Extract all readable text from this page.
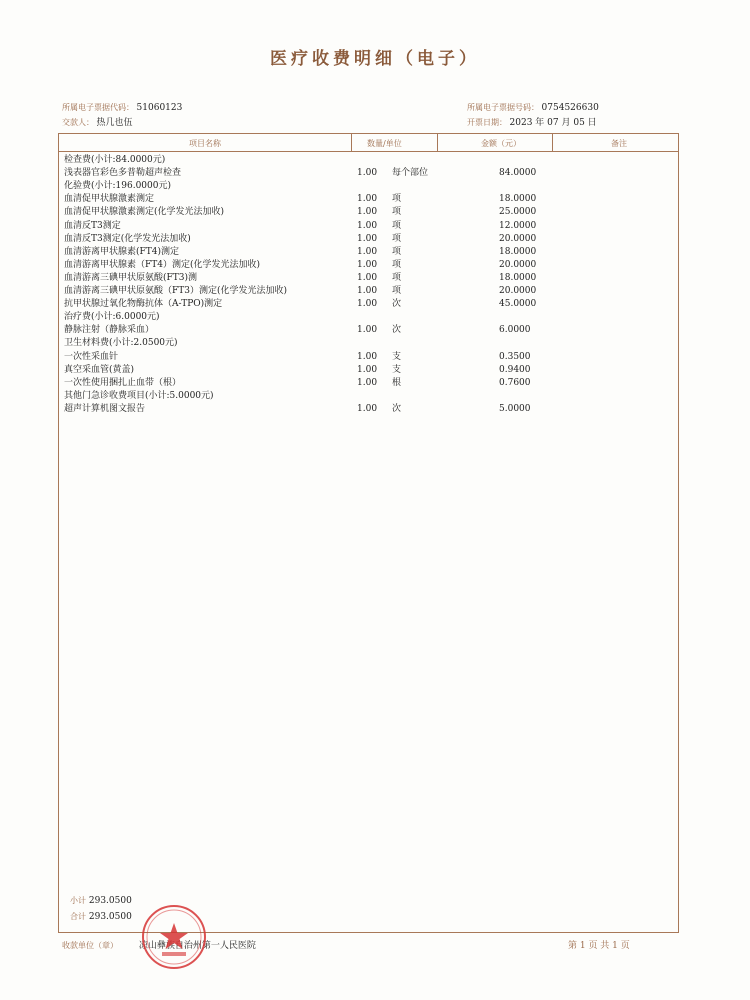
医疗收费明细（电子）
所属电子票据代码： 51060123
交款人： 热几也伍
所属电子票据号码： 0754526630
开票日期： 2023 年 07 月 05 日
项目名称	数量/单位	金额（元）	备注
检查费(小计:84.0000元)
浅表器官彩色多普勒超声检查	1.00 每个部位	84.0000
化验费(小计:196.0000元)
血清促甲状腺激素测定	1.00 项	18.0000
血清促甲状腺激素测定(化学发光法加收)	1.00 项	25.0000
血清反T3测定	1.00 项	12.0000
血清反T3测定(化学发光法加收)	1.00 项	20.0000
血清游离甲状腺素(FT4)测定	1.00 项	18.0000
血清游离甲状腺素（FT4）测定(化学发光法加收)	1.00 项	20.0000
血清游离三碘甲状原氨酸(FT3)测	1.00 项	18.0000
血清游离三碘甲状原氨酸（FT3）测定(化学发光法加收)	1.00 项	20.0000
抗甲状腺过氧化物酶抗体（A-TPO)测定	1.00 次	45.0000
治疗费(小计:6.0000元)
静脉注射（静脉采血）	1.00 次	6.0000
卫生材料费(小计:2.0500元)
一次性采血针	1.00 支	0.3500
真空采血管(黄盖)	1.00 支	0.9400
一次性使用捆扎止血带（根）	1.00 根	0.7600
其他门急诊收费项目(小计:5.0000元)
超声计算机图文报告	1.00 次	5.0000
小计 293.0500
合计 293.0500
收款单位（章） 凉山彝族自治州第一人民医院	第 1 页 共 1 页
